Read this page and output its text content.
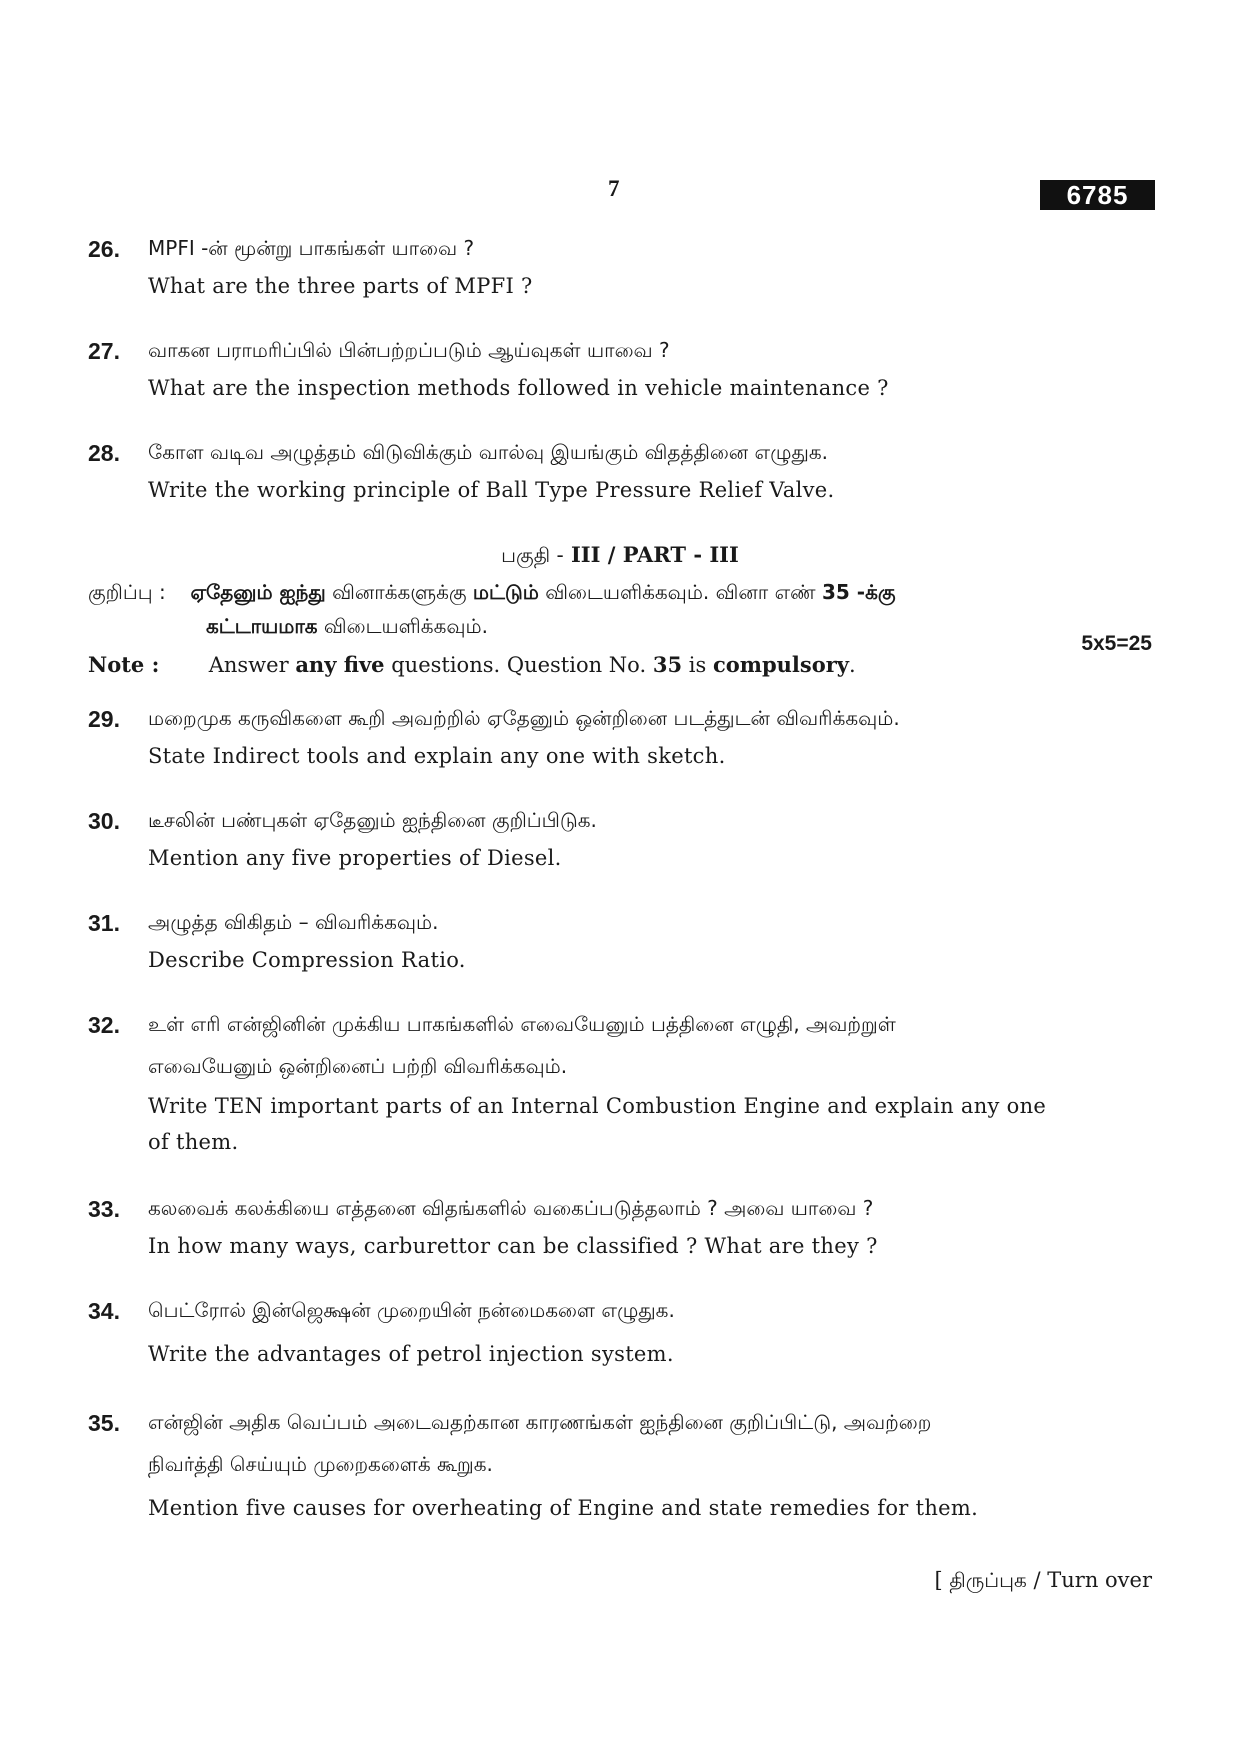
7	6785
26. MPFI -ன் மூன்று பாகங்கள் யாவை ?
What are the three parts of MPFI ?
27. வாகன பராமரிப்பில் பின்பற்றப்படும் ஆய்வுகள் யாவை ?
What are the inspection methods followed in vehicle maintenance ?
28. கோள வடிவ அழுத்தம் விடுவிக்கும் வால்வு இயங்கும் விதத்தினை எழுதுக.
Write the working principle of Ball Type Pressure Relief Valve.
பகுதி - III / PART - III
குறிப்பு : ஏதேனும் ஐந்து வினாக்களுக்கு மட்டும் விடையளிக்கவும். வினா எண் 35 -க்கு
கட்டாயமாக விடையளிக்கவும்.
5x5=25
Note : Answer any five questions. Question No. 35 is compulsory.
29. மறைமுக கருவிகளை கூறி அவற்றில் ஏதேனும் ஒன்றினை படத்துடன் விவரிக்கவும்.
State Indirect tools and explain any one with sketch.
30. டீசலின் பண்புகள் ஏதேனும் ஐந்தினை குறிப்பிடுக.
Mention any five properties of Diesel.
31. அழுத்த விகிதம் – விவரிக்கவும்.
Describe Compression Ratio.
32. உள் எரி என்ஜினின் முக்கிய பாகங்களில் எவையேனும் பத்தினை எழுதி, அவற்றுள்
எவையேனும் ஒன்றினைப் பற்றி விவரிக்கவும்.
Write TEN important parts of an Internal Combustion Engine and explain any one
of them.
33. கலவைக் கலக்கியை எத்தனை விதங்களில் வகைப்படுத்தலாம் ? அவை யாவை ?
In how many ways, carburettor can be classified ? What are they ?
34. பெட்ரோல் இன்ஜெக்ஷன் முறையின் நன்மைகளை எழுதுக.
Write the advantages of petrol injection system.
35. என்ஜின் அதிக வெப்பம் அடைவதற்கான காரணங்கள் ஐந்தினை குறிப்பிட்டு, அவற்றை
நிவர்த்தி செய்யும் முறைகளைக் கூறுக.
Mention five causes for overheating of Engine and state remedies for them.
[ திருப்புக / Turn over
